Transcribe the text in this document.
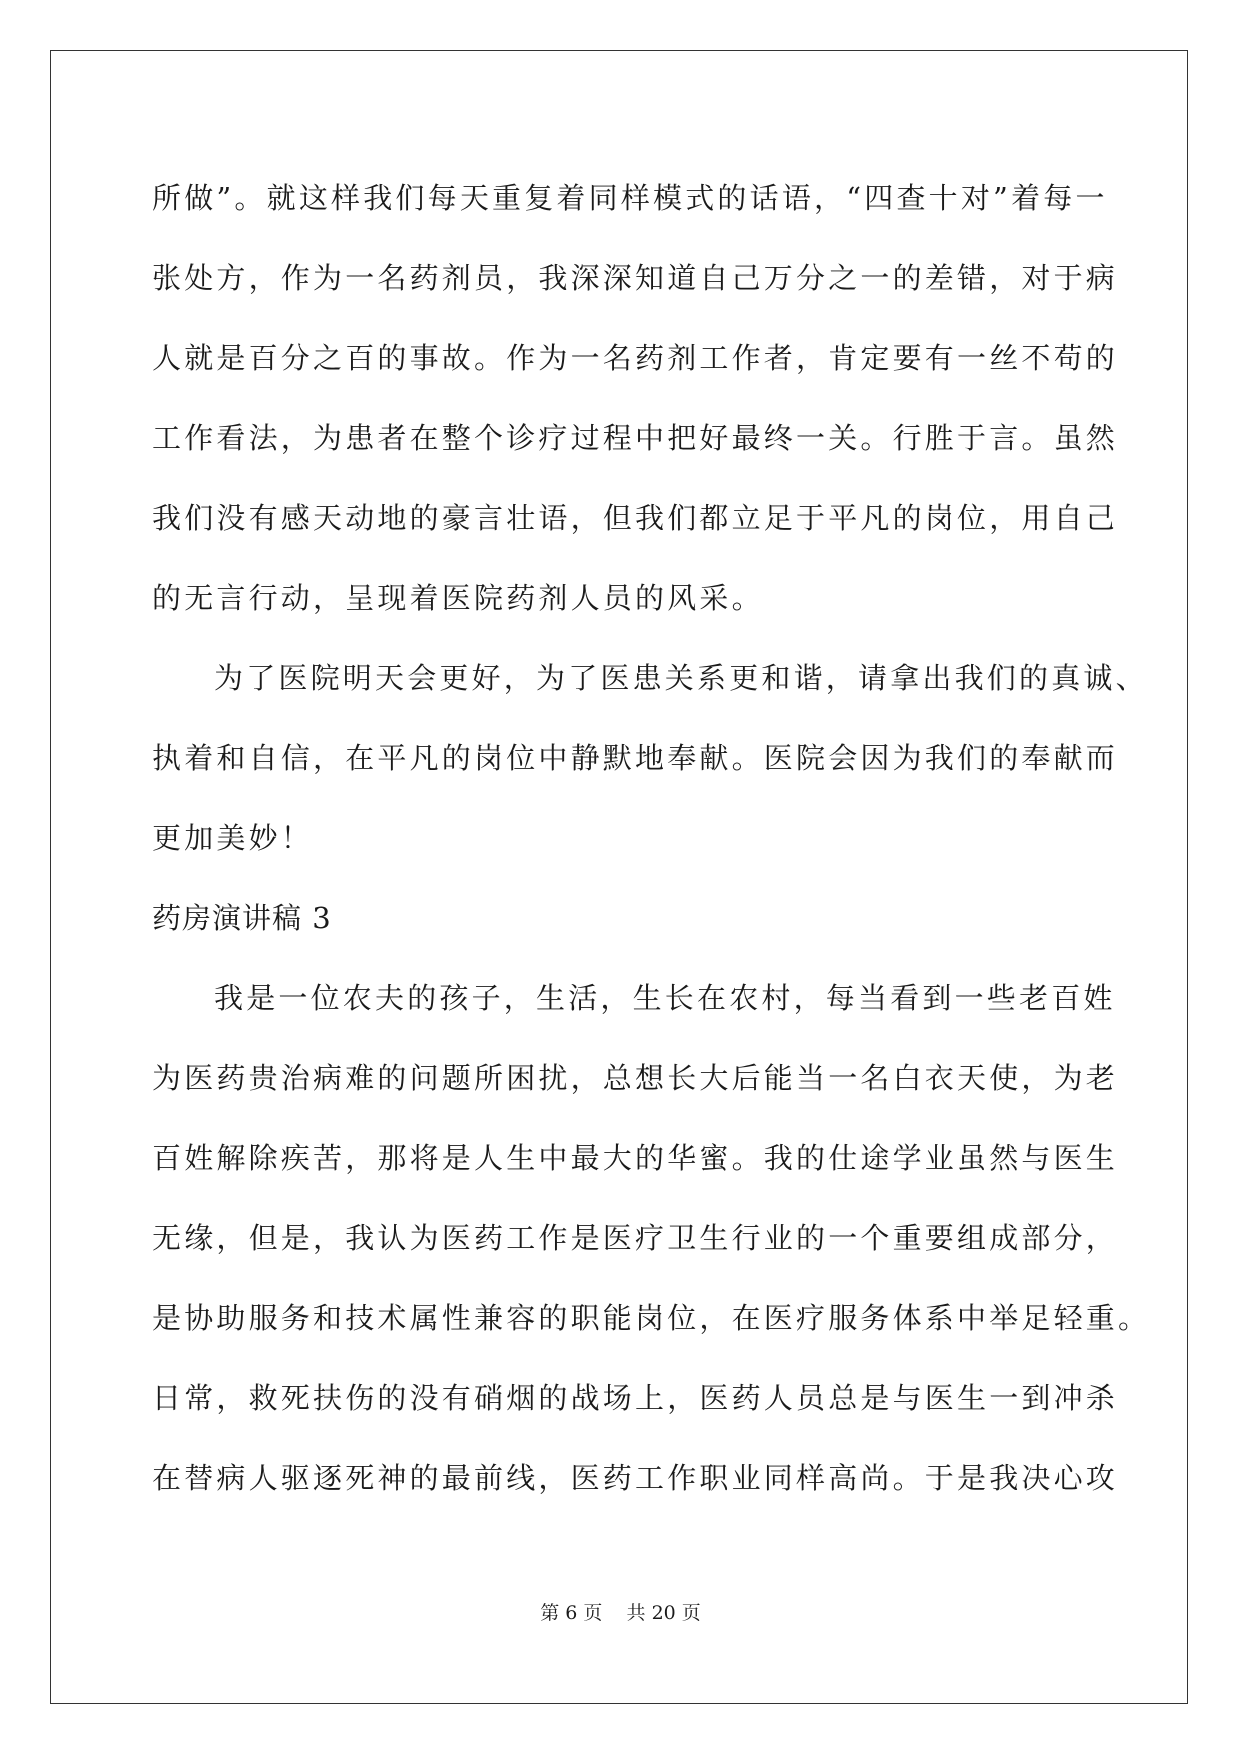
所做”。就这样我们每天重复着同样模式的话语，“四查十对”着每一
张处方，作为一名药剂员，我深深知道自己万分之一的差错，对于病
人就是百分之百的事故。作为一名药剂工作者，肯定要有一丝不苟的
工作看法，为患者在整个诊疗过程中把好最终一关。行胜于言。虽然
我们没有感天动地的豪言壮语，但我们都立足于平凡的岗位，用自己
的无言行动，呈现着医院药剂人员的风采。
为了医院明天会更好，为了医患关系更和谐，请拿出我们的真诚、
执着和自信，在平凡的岗位中静默地奉献。医院会因为我们的奉献而
更加美妙！
药房演讲稿 3
我是一位农夫的孩子，生活，生长在农村，每当看到一些老百姓
为医药贵治病难的问题所困扰，总想长大后能当一名白衣天使，为老
百姓解除疾苦，那将是人生中最大的华蜜。我的仕途学业虽然与医生
无缘，但是，我认为医药工作是医疗卫生行业的一个重要组成部分，
是协助服务和技术属性兼容的职能岗位，在医疗服务体系中举足轻重。
日常，救死扶伤的没有硝烟的战场上，医药人员总是与医生一到冲杀
在替病人驱逐死神的最前线，医药工作职业同样高尚。于是我决心攻
第 6 页    共 20 页
